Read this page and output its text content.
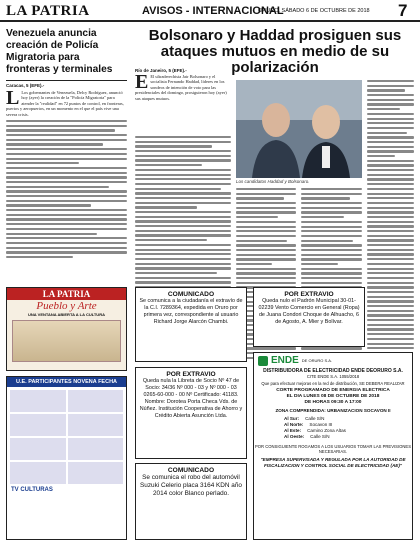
LA PATRIA	AVISOS - INTERNACIONAL
ORURO, SÁBADO 6 DE OCTUBRE DE 2018 7
Venezuela anuncia creación de Policía Migratoria para fronteras y terminales
Caracas, 5 (EFE).-
L Los gobernantes de Venezuela, Delcy Rodríguez, anunció hoy (ayer) la creación de la "Policía Migratoria" para atender la "realidad" en 72 puntos de control, en fronteras, puertos y aeropuertos, en un momento en el que el país vive una severa crisis.
LA PATRIA
Pueblo y Arte
UNA VENTANA ABIERTA A LA CULTURA
U.E. PARTICIPANTES NOVENA FECHA
TV CULTURAS
Bolsonaro y Haddad prosiguen sus ataques mutuos en medio de su polarización
Río de Janeiro, 5 (EFE).-
E El ultraderechista Jair Bolsonaro y el socialista Fernando Haddad, líderes en los sondeos de intención de voto para las presidenciales del domingo, prosiguieron hoy (ayer) sus ataques mutuos.
Los candidatos Haddad y Bolsonaro.
COMUNICADO
Se comunica a la ciudadanía el extravío de la C.I. 7289364, expedida en Oruro por primera vez, correspondiente al usuario Richard Jorge Alarcón Chambi.
POR EXTRAVIO
Queda nulo el Padrón Municipal 30-01-02239 Vento Comercio en General (Ropa) de Juana Condori Choque de Alhuacho, 6 de Agosto, A. Mier y Bolívar.
POR EXTRAVIO
Queda nula la Libreta de Socio Nº 47 de Socio: 34/36 Nº 000 - 03 y Nº 000 - 03 0265-60-000 - 00 Nº Certificado: 41183. Nombre: Dorotea Porta Checa Vds. de Núñez. Institución Cooperativa de Ahorro y Crédito Abierta Asunción Ltda.
COMUNICADO
Se comunica el robo del automóvil Suzuki Celerio placa 3164 KDN año 2014 color Blanco perlado.
ENDE DE ORURO S.A.
DISTRIBUIDORA DE ELECTRICIDAD ENDE DEORURO S.A.
CITE ENDE S.A. 1055/2018
Que para efectuar mejoras en la red de distribución, SE DEBERA REALIZAR
CORTE PROGRAMADO DE ENERGIA ELECTRICA
EL DIA LUNES 08 DE OCTUBRE DE 2018
DE HORAS 09:30 A 17:00
ZONA COMPRENDIDA: URBANIZACION SOCAVON II
Al Sur: Calle S/N
Al Norte: Socavon III
Al Este: Camino Zona Altas
Al Oeste: Calle S/N
POR CONSIGUIENTE ROGAMOS A LOS USUARIOS TOMAR LAS PREVISIONES NECESARIAS.
"EMPRESA SUPERVISADA Y REGULADA POR LA AUTORIDAD DE FISCALIZACION Y CONTROL SOCIAL DE ELECTRICIDAD (AE)"
